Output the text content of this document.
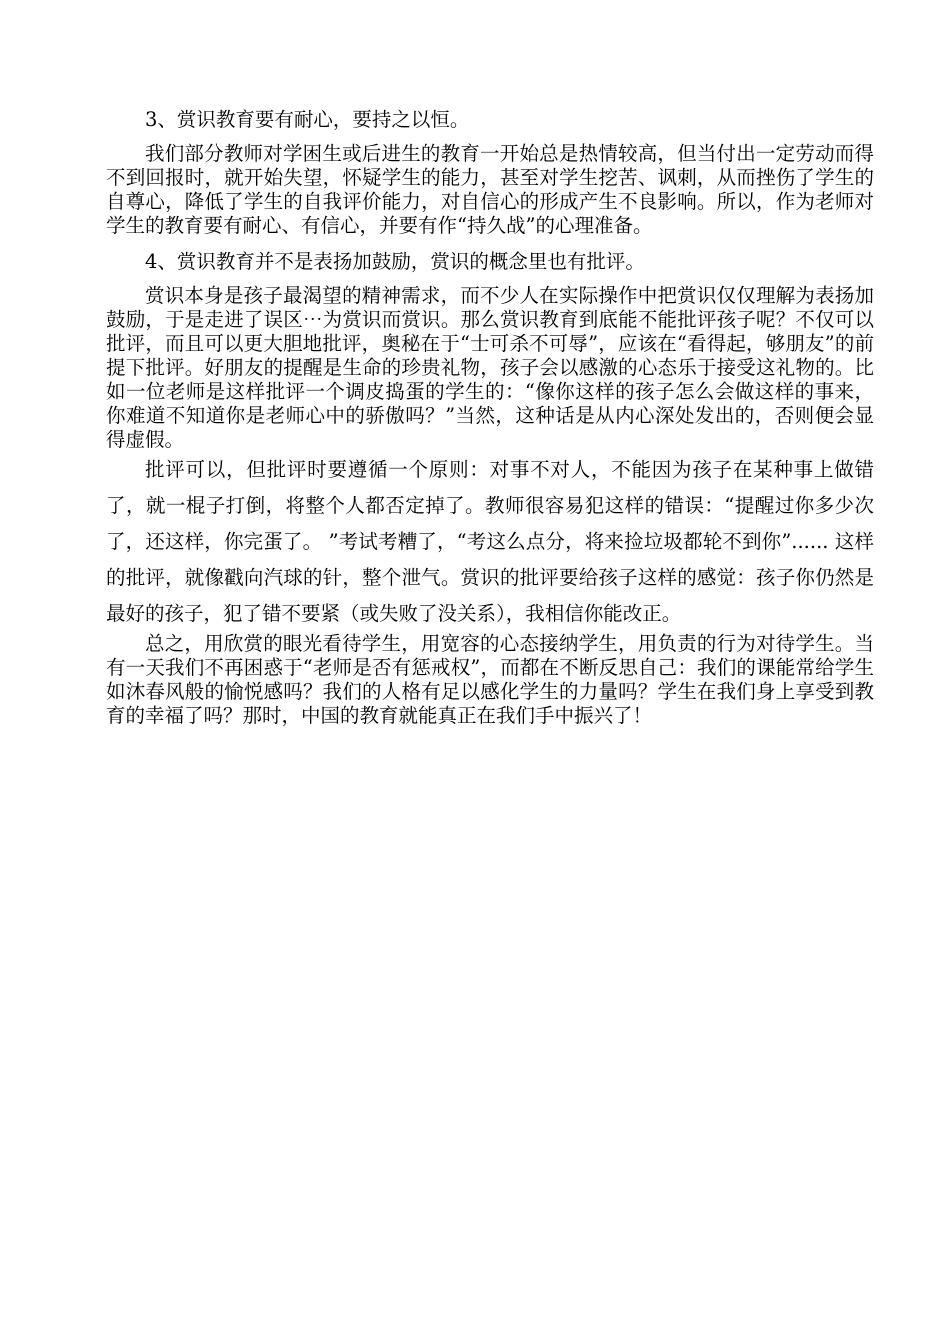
3、赏识教育要有耐心，要持之以恒。

我们部分教师对学困生或后进生的教育一开始总是热情较高，但当付出一定劳动而得不到回报时，就开始失望，怀疑学生的能力，甚至对学生挖苦、讽刺，从而挫伤了学生的自尊心，降低了学生的自我评价能力，对自信心的形成产生不良影响。所以，作为老师对学生的教育要有耐心、有信心，并要有作“持久战”的心理准备。

4、赏识教育并不是表扬加鼓励，赏识的概念里也有批评。

赏识本身是孩子最渴望的精神需求，而不少人在实际操作中把赏识仅仅理解为表扬加鼓励，于是走进了误区⋯为赏识而赏识。那么赏识教育到底能不能批评孩子呢？不仅可以批评，而且可以更大胆地批评，奥秘在于“士可杀不可辱”，应该在“看得起，够朋友”的前提下批评。好朋友的提醒是生命的珍贵礼物，孩子会以感激的心态乐于接受这礼物的。比如一位老师是这样批评一个调皮捣蛋的学生的：“像你这样的孩子怎么会做这样的事来，你难道不知道你是老师心中的骄傲吗？”当然，这种话是从内心深处发出的，否则便会显得虚假。

批评可以，但批评时要遵循一个原则：对事不对人，不能因为孩子在某种事上做错了，就一棍子打倒，将整个人都否定掉了。教师很容易犯这样的错误：“提醒过你多少次了，还这样，你完蛋了。 ”考试考糟了，“考这么点分，将来捡垃圾都轮不到你”...... 这样的批评，就像戳向汽球的针，整个泄气。赏识的批评要给孩子这样的感觉：孩子你仍然是最好的孩子，犯了错不要紧（或失败了没关系），我相信你能改正。

总之，用欣赏的眼光看待学生，用宽容的心态接纳学生，用负责的行为对待学生。当有一天我们不再困惑于“老师是否有惩戒权”，而都在不断反思自己：我们的课能常给学生如沐春风般的愉悦感吗？我们的人格有足以感化学生的力量吗？学生在我们身上享受到教育的幸福了吗？那时，中国的教育就能真正在我们手中振兴了！
